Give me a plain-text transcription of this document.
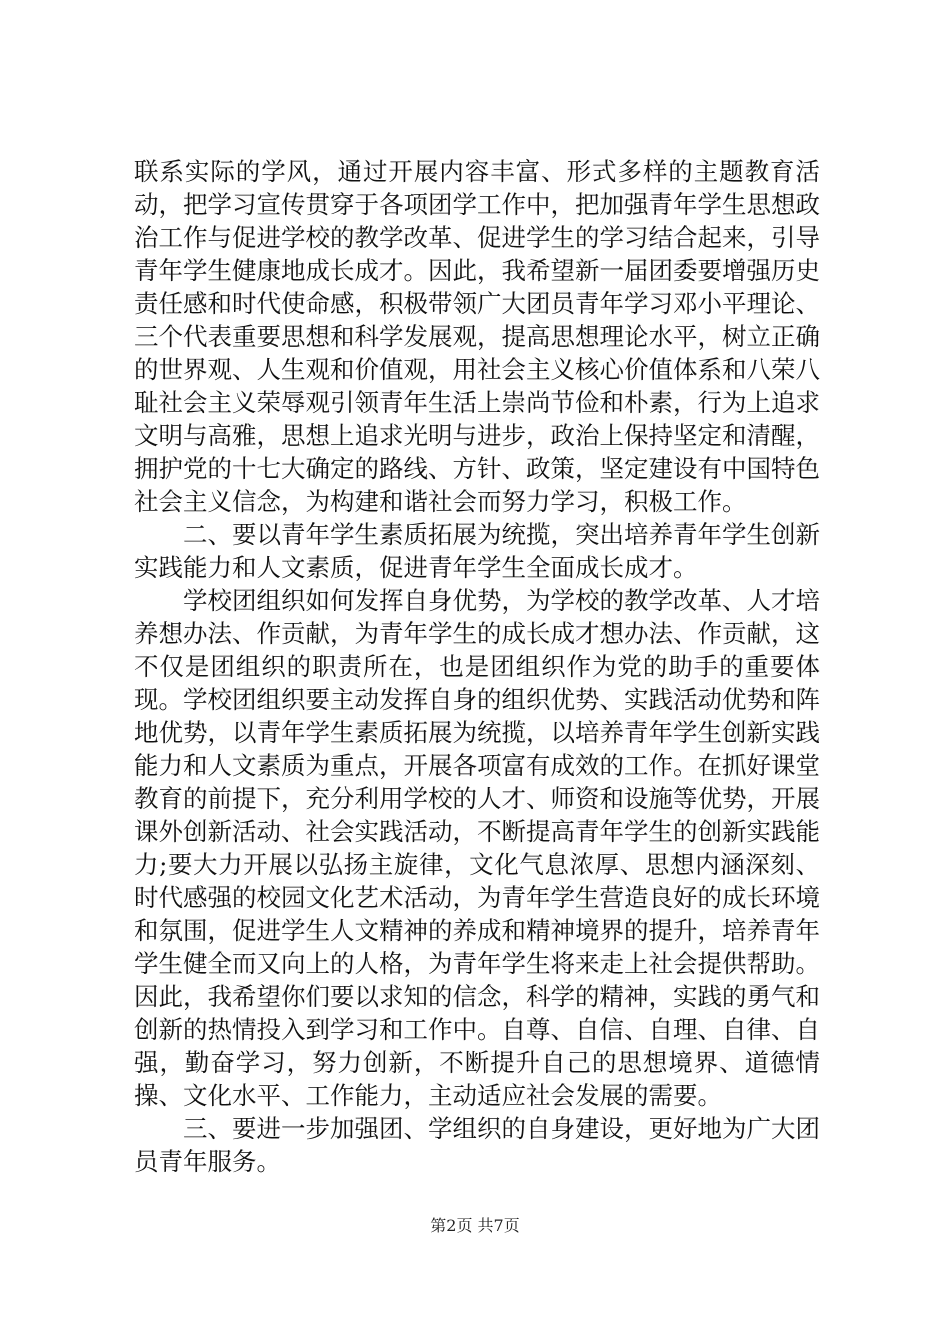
联系实际的学风，通过开展内容丰富、形式多样的主题教育活动，把学习宣传贯穿于各项团学工作中，把加强青年学生思想政治工作与促进学校的教学改革、促进学生的学习结合起来，引导青年学生健康地成长成才。因此，我希望新一届团委要增强历史责任感和时代使命感，积极带领广大团员青年学习邓小平理论、三个代表重要思想和科学发展观，提高思想理论水平，树立正确的世界观、人生观和价值观，用社会主义核心价值体系和八荣八耻社会主义荣辱观引领青年生活上崇尚节俭和朴素，行为上追求文明与高雅，思想上追求光明与进步，政治上保持坚定和清醒，拥护党的十七大确定的路线、方针、政策，坚定建设有中国特色社会主义信念，为构建和谐社会而努力学习，积极工作。

二、要以青年学生素质拓展为统揽，突出培养青年学生创新实践能力和人文素质，促进青年学生全面成长成才。

学校团组织如何发挥自身优势，为学校的教学改革、人才培养想办法、作贡献，为青年学生的成长成才想办法、作贡献，这不仅是团组织的职责所在，也是团组织作为党的助手的重要体现。学校团组织要主动发挥自身的组织优势、实践活动优势和阵地优势，以青年学生素质拓展为统揽，以培养青年学生创新实践能力和人文素质为重点，开展各项富有成效的工作。在抓好课堂教育的前提下，充分利用学校的人才、师资和设施等优势，开展课外创新活动、社会实践活动，不断提高青年学生的创新实践能力;要大力开展以弘扬主旋律，文化气息浓厚、思想内涵深刻、时代感强的校园文化艺术活动，为青年学生营造良好的成长环境和氛围，促进学生人文精神的养成和精神境界的提升，培养青年学生健全而又向上的人格，为青年学生将来走上社会提供帮助。因此，我希望你们要以求知的信念，科学的精神，实践的勇气和创新的热情投入到学习和工作中。自尊、自信、自理、自律、自强，勤奋学习，努力创新，不断提升自己的思想境界、道德情操、文化水平、工作能力，主动适应社会发展的需要。

三、要进一步加强团、学组织的自身建设，更好地为广大团员青年服务。

第2页 共7页
